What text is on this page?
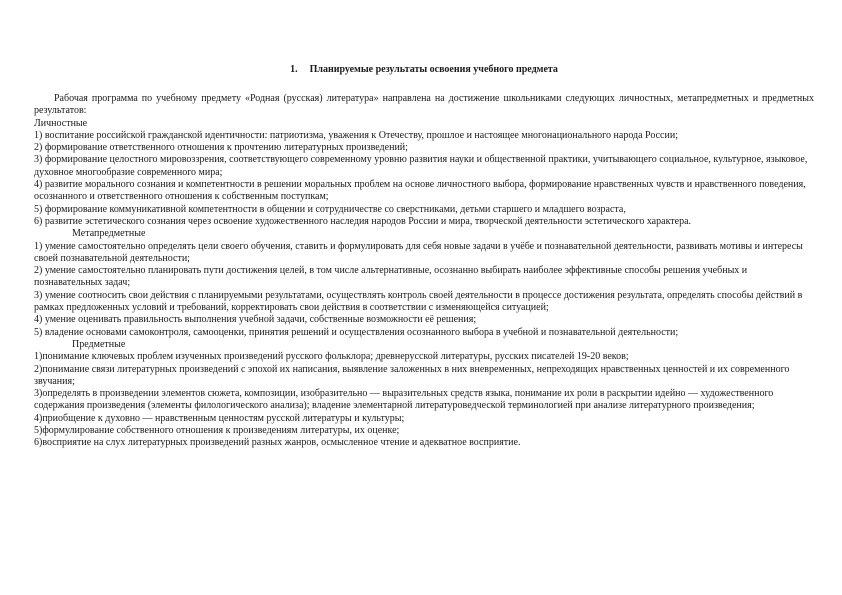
1. Планируемые результаты освоения учебного предмета

Рабочая программа по учебному предмету «Родная (русская) литература» направлена на достижение школьниками следующих личностных, метапредметных и предметных результатов:

Личностные

1) воспитание российской гражданской идентичности: патриотизма, уважения к Отечеству, прошлое и настоящее многонационального народа России;
2) формирование ответственного отношения к прочтению литературных произведений;
3) формирование целостного мировоззрения, соответствующего современному уровню развития науки и общественной практики, учитывающего социальное, культурное, языковое, духовное многообразие современного мира;
4) развитие морального сознания и компетентности в решении моральных проблем на основе личностного выбора, формирование нравственных чувств и нравственного поведения, осознанного и ответственного отношения к собственным поступкам;
5) формирование коммуникативной компетентности в общении и сотрудничестве со сверстниками, детьми старшего и младшего возраста,
6) развитие эстетического сознания через освоение художественного наследия народов России и мира, творческой деятельности эстетического характера.

Метапредметные

1) умение самостоятельно определять цели своего обучения, ставить и формулировать для себя новые задачи в учёбе и познавательной деятельности, развивать мотивы и интересы своей познавательной деятельности;
2) умение самостоятельно планировать пути достижения целей, в том числе альтернативные, осознанно выбирать наиболее эффективные способы решения учебных и познавательных задач;
3) умение соотносить свои действия с планируемыми результатами, осуществлять контроль своей деятельности в процессе достижения результата, определять способы действий в рамках предложенных условий и требований, корректировать свои действия в соответствии с изменяющейся ситуацией;
4) умение оценивать правильность выполнения учебной задачи, собственные возможности её решения;
5) владение основами самоконтроля, самооценки, принятия решений и осуществления осознанного выбора в учебной и познавательной деятельности;

Предметные

1)понимание ключевых проблем изученных произведений русского фольклора; древнерусской литературы, русских писателей 19-20 веков;
2)понимание связи литературных произведений с эпохой их написания, выявление заложенных в них вневременных, непреходящих нравственных ценностей и их современного звучания;
3)определять в произведении элементов сюжета, композиции, изобразительно — выразительных средств языка, понимание их роли в раскрытии идейно — художественного содержания произведения (элементы филологического анализа); владение элементарной литературоведческой терминологией при анализе литературного произведения;
4)приобщение к духовно — нравственным ценностям русской литературы и культуры;
5)формулирование собственного отношения к произведениям литературы, их оценке;
6)восприятие на слух литературных произведений разных жанров, осмысленное чтение и адекватное восприятие.
